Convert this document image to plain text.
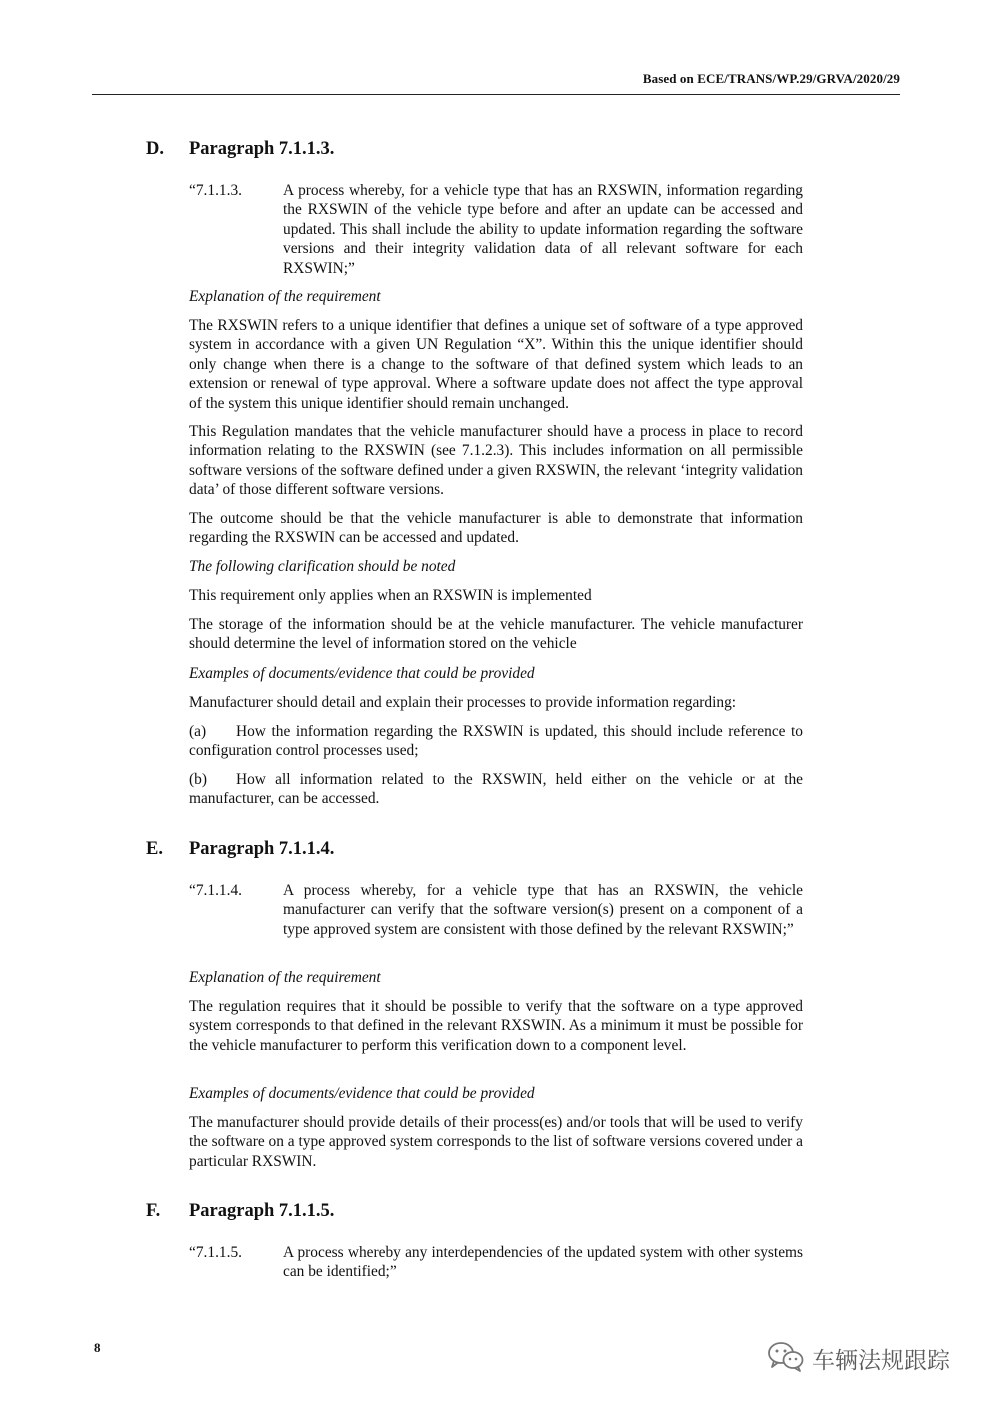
Based on ECE/TRANS/WP.29/GRVA/2020/29
D. Paragraph 7.1.1.3.
“7.1.1.3.	A process whereby, for a vehicle type that has an RXSWIN, information regarding the RXSWIN of the vehicle type before and after an update can be accessed and updated. This shall include the ability to update information regarding the software versions and their integrity validation data of all relevant software for each RXSWIN;”
Explanation of the requirement
The RXSWIN refers to a unique identifier that defines a unique set of software of a type approved system in accordance with a given UN Regulation “X”. Within this the unique identifier should only change when there is a change to the software of that defined system which leads to an extension or renewal of type approval. Where a software update does not affect the type approval of the system this unique identifier should remain unchanged.
This Regulation mandates that the vehicle manufacturer should have a process in place to record information relating to the RXSWIN (see 7.1.2.3). This includes information on all permissible software versions of the software defined under a given RXSWIN, the relevant ‘integrity validation data’ of those different software versions.
The outcome should be that the vehicle manufacturer is able to demonstrate that information regarding the RXSWIN can be accessed and updated.
The following clarification should be noted
This requirement only applies when an RXSWIN is implemented
The storage of the information should be at the vehicle manufacturer. The vehicle manufacturer should determine the level of information stored on the vehicle
Examples of documents/evidence that could be provided
Manufacturer should detail and explain their processes to provide information regarding:
(a) How the information regarding the RXSWIN is updated, this should include reference to configuration control processes used;
(b) How all information related to the RXSWIN, held either on the vehicle or at the manufacturer, can be accessed.
E. Paragraph 7.1.1.4.
“7.1.1.4.	A process whereby, for a vehicle type that has an RXSWIN, the vehicle manufacturer can verify that the software version(s) present on a component of a type approved system are consistent with those defined by the relevant RXSWIN;”
Explanation of the requirement
The regulation requires that it should be possible to verify that the software on a type approved system corresponds to that defined in the relevant RXSWIN. As a minimum it must be possible for the vehicle manufacturer to perform this verification down to a component level.
Examples of documents/evidence that could be provided
The manufacturer should provide details of their process(es) and/or tools that will be used to verify the software on a type approved system corresponds to the list of software versions covered under a particular RXSWIN.
F. Paragraph 7.1.1.5.
“7.1.1.5.	A process whereby any interdependencies of the updated system with other systems can be identified;”
8	车辆法规跟踪
